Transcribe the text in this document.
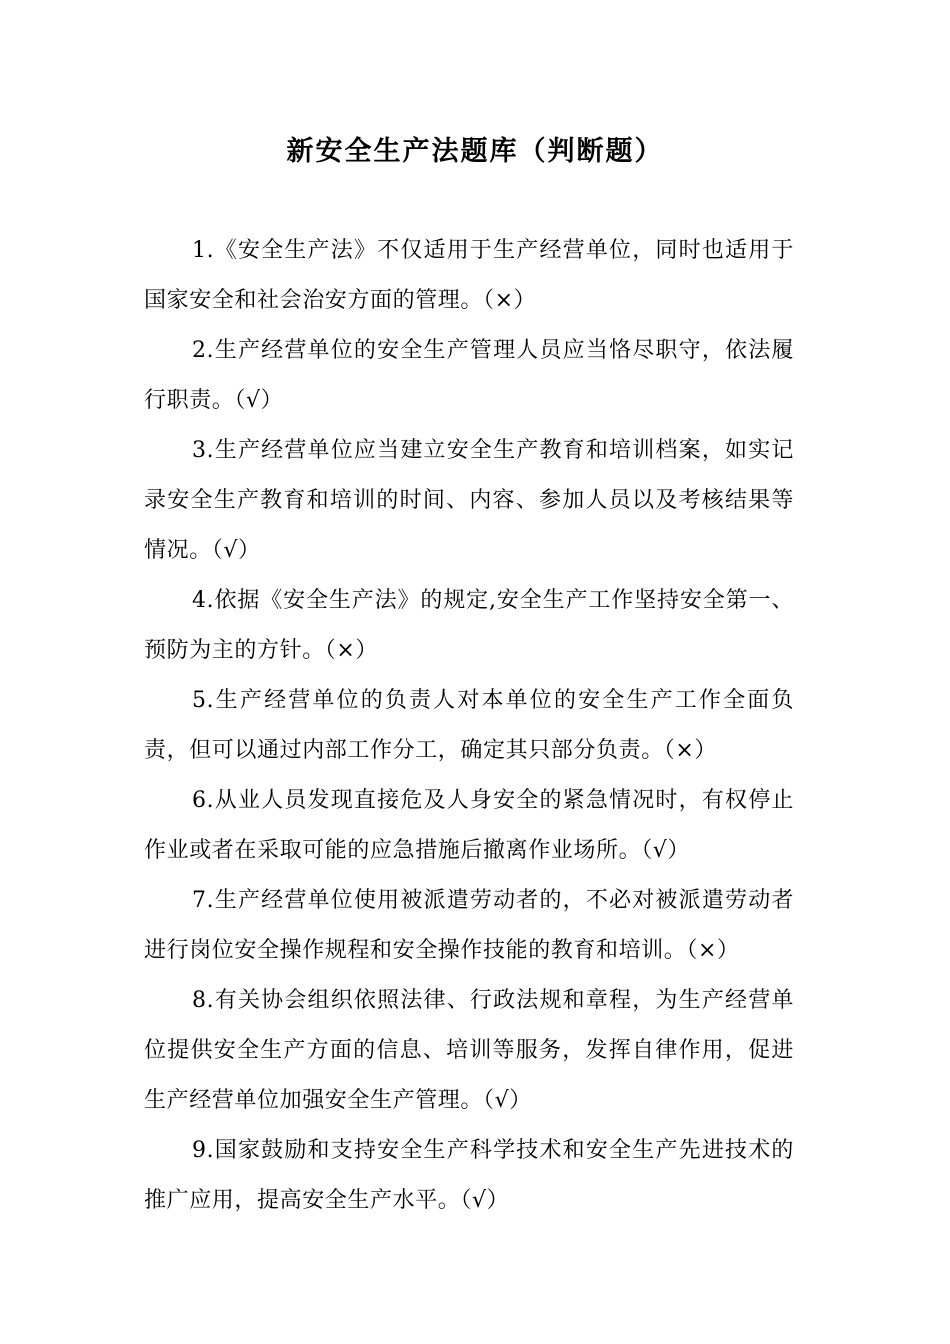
新安全生产法题库（判断题）

1.《安全生产法》不仅适用于生产经营单位，同时也适用于国家安全和社会治安方面的管理。（×）

2.生产经营单位的安全生产管理人员应当恪尽职守，依法履行职责。（√）

3.生产经营单位应当建立安全生产教育和培训档案，如实记录安全生产教育和培训的时间、内容、参加人员以及考核结果等情况。（√）

4.依据《安全生产法》的规定,安全生产工作坚持安全第一、预防为主的方针。（×）

5.生产经营单位的负责人对本单位的安全生产工作全面负责，但可以通过内部工作分工，确定其只部分负责。（×）

6.从业人员发现直接危及人身安全的紧急情况时，有权停止作业或者在采取可能的应急措施后撤离作业场所。（√）

7.生产经营单位使用被派遣劳动者的，不必对被派遣劳动者进行岗位安全操作规程和安全操作技能的教育和培训。（×）

8.有关协会组织依照法律、行政法规和章程，为生产经营单位提供安全生产方面的信息、培训等服务，发挥自律作用，促进生产经营单位加强安全生产管理。（√）

9.国家鼓励和支持安全生产科学技术和安全生产先进技术的推广应用，提高安全生产水平。（√）
